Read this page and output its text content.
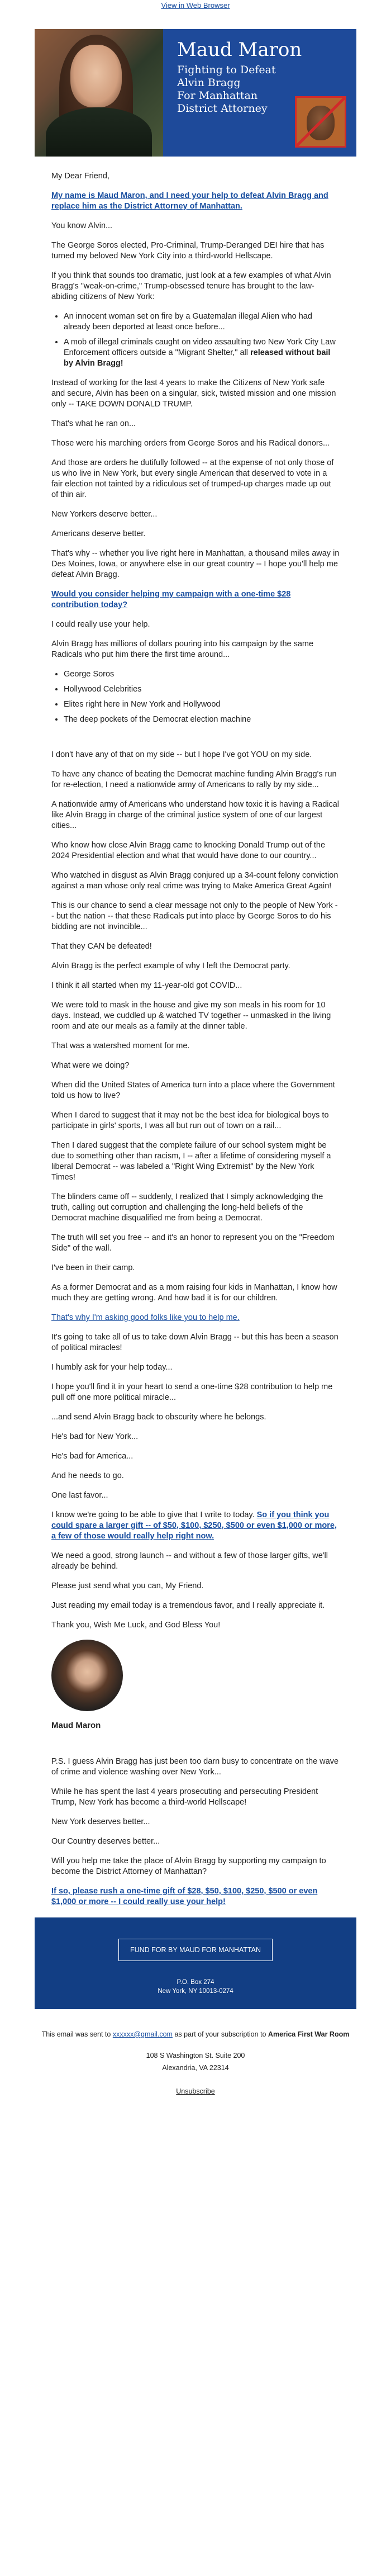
View in Web Browser
Maud Maron
Fighting to Defeat
Alvin Bragg
For Manhattan
District Attorney

My Dear Friend,

My name is Maud Maron, and I need your help to defeat Alvin Bragg and replace him as the District Attorney of Manhattan.

You know Alvin...

The George Soros elected, Pro-Criminal, Trump-Deranged DEI hire that has turned my beloved New York City into a third-world Hellscape.

If you think that sounds too dramatic, just look at a few examples of what Alvin Bragg's "weak-on-crime," Trump-obsessed tenure has brought to the law-abiding citizens of New York:

• An innocent woman set on fire by a Guatemalan illegal Alien who had already been deported at least once before...
• A mob of illegal criminals caught on video assaulting two New York City Law Enforcement officers outside a "Migrant Shelter," all released without bail by Alvin Bragg!

Instead of working for the last 4 years to make the Citizens of New York safe and secure, Alvin has been on a singular, sick, twisted mission and one mission only -- TAKE DOWN DONALD TRUMP.

That's what he ran on...

Those were his marching orders from George Soros and his Radical donors...

And those are orders he dutifully followed -- at the expense of not only those of us who live in New York, but every single American that deserved to vote in a fair election not tainted by a ridiculous set of trumped-up charges made up out of thin air.

New Yorkers deserve better...

Americans deserve better.

That's why -- whether you live right here in Manhattan, a thousand miles away in Des Moines, Iowa, or anywhere else in our great country -- I hope you'll help me defeat Alvin Bragg.

Would you consider helping my campaign with a one-time $28 contribution today?

I could really use your help.

Alvin Bragg has millions of dollars pouring into his campaign by the same Radicals who put him there the first time around...

• George Soros
• Hollywood Celebrities
• Elites right here in New York and Hollywood
• The deep pockets of the Democrat election machine

I don't have any of that on my side -- but I hope I've got YOU on my side.

To have any chance of beating the Democrat machine funding Alvin Bragg's run for re-election, I need a nationwide army of Americans to rally by my side...

A nationwide army of Americans who understand how toxic it is having a Radical like Alvin Bragg in charge of the criminal justice system of one of our largest cities...

Who know how close Alvin Bragg came to knocking Donald Trump out of the 2024 Presidential election and what that would have done to our country...

Who watched in disgust as Alvin Bragg conjured up a 34-count felony conviction against a man whose only real crime was trying to Make America Great Again!

This is our chance to send a clear message not only to the people of New York -- but the nation -- that these Radicals put into place by George Soros to do his bidding are not invincible...

That they CAN be defeated!

Alvin Bragg is the perfect example of why I left the Democrat party.

I think it all started when my 11-year-old got COVID...

We were told to mask in the house and give my son meals in his room for 10 days. Instead, we cuddled up & watched TV together -- unmasked in the living room and ate our meals as a family at the dinner table.

That was a watershed moment for me.

What were we doing?

When did the United States of America turn into a place where the Government told us how to live?

When I dared to suggest that it may not be the best idea for biological boys to participate in girls' sports, I was all but run out of town on a rail...

Then I dared suggest that the complete failure of our school system might be due to something other than racism, I -- after a lifetime of considering myself a liberal Democrat -- was labeled a "Right Wing Extremist" by the New York Times!

The blinders came off -- suddenly, I realized that I simply acknowledging the truth, calling out corruption and challenging the long-held beliefs of the Democrat machine disqualified me from being a Democrat.

The truth will set you free -- and it's an honor to represent you on the "Freedom Side" of the wall.

I've been in their camp.

As a former Democrat and as a mom raising four kids in Manhattan, I know how much they are getting wrong. And how bad it is for our children.

That's why I'm asking good folks like you to help me.

It's going to take all of us to take down Alvin Bragg -- but this has been a season of political miracles!

I humbly ask for your help today...

I hope you'll find it in your heart to send a one-time $28 contribution to help me pull off one more political miracle...

...and send Alvin Bragg back to obscurity where he belongs.

He's bad for New York...

He's bad for America...

And he needs to go.

One last favor...

I know we're going to be able to give that I write to today. So if you think you could spare a larger gift -- of $50, $100, $250, $500 or even $1,000 or more, a few of those would really help right now.

We need a good, strong launch -- and without a few of those larger gifts, we'll already be behind.

Please just send what you can, My Friend.

Just reading my email today is a tremendous favor, and I really appreciate it.

Thank you, Wish Me Luck, and God Bless You!

Maud Maron

P.S. I guess Alvin Bragg has just been too darn busy to concentrate on the wave of crime and violence washing over New York...

While he has spent the last 4 years prosecuting and persecuting President Trump, New York has become a third-world Hellscape!

New York deserves better...

Our Country deserves better...

Will you help me take the place of Alvin Bragg by supporting my campaign to become the District Attorney of Manhattan?

If so, please rush a one-time gift of $28, $50, $100, $250, $500 or even $1,000 or more -- I could really use your help!

FUND FOR BY MAUD FOR MANHATTAN
P.O. Box 274
New York, NY 10013-0274
This email was sent to xxxxxx@gmail.com as part of your subscription to America First War Room
108 S Washington St. Suite 200
Alexandria, VA 22314
Unsubscribe
